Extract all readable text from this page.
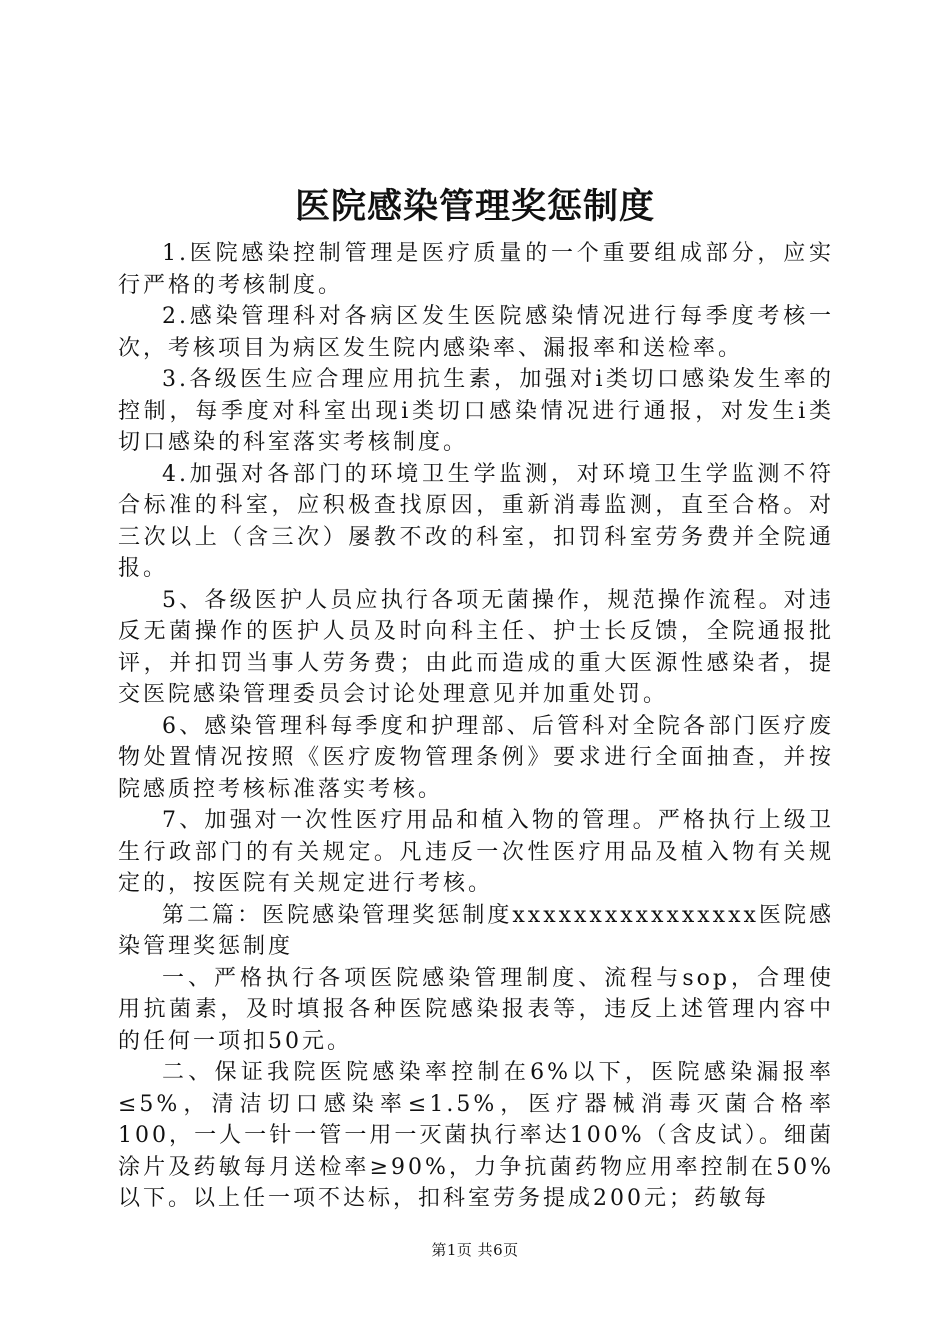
医院感染管理奖惩制度

1.医院感染控制管理是医疗质量的一个重要组成部分，应实行严格的考核制度。

2.感染管理科对各病区发生医院感染情况进行每季度考核一次，考核项目为病区发生院内感染率、漏报率和送检率。

3.各级医生应合理应用抗生素，加强对ⅰ类切口感染发生率的控制，每季度对科室出现ⅰ类切口感染情况进行通报，对发生ⅰ类切口感染的科室落实考核制度。

4.加强对各部门的环境卫生学监测，对环境卫生学监测不符合标准的科室，应积极查找原因，重新消毒监测，直至合格。对三次以上（含三次）屡教不改的科室，扣罚科室劳务费并全院通报。

5、各级医护人员应执行各项无菌操作，规范操作流程。对违反无菌操作的医护人员及时向科主任、护士长反馈，全院通报批评，并扣罚当事人劳务费；由此而造成的重大医源性感染者，提交医院感染管理委员会讨论处理意见并加重处罚。

6、感染管理科每季度和护理部、后管科对全院各部门医疗废物处置情况按照《医疗废物管理条例》要求进行全面抽查，并按院感质控考核标准落实考核。

7、加强对一次性医疗用品和植入物的管理。严格执行上级卫生行政部门的有关规定。凡违反一次性医疗用品及植入物有关规定的，按医院有关规定进行考核。

第二篇：医院感染管理奖惩制度xxxxxxxxxxxxxxxx医院感染管理奖惩制度

一、严格执行各项医院感染管理制度、流程与sop，合理使用抗菌素，及时填报各种医院感染报表等，违反上述管理内容中的任何一项扣50元。

二、保证我院医院感染率控制在6%以下，医院感染漏报率≤5%，清洁切口感染率≤1.5%，医疗器械消毒灭菌合格率100，一人一针一管一用一灭菌执行率达100%（含皮试）。细菌涂片及药敏每月送检率≥90%，力争抗菌药物应用率控制在50%以下。以上任一项不达标，扣科室劳务提成200元；药敏每

第1页 共6页
